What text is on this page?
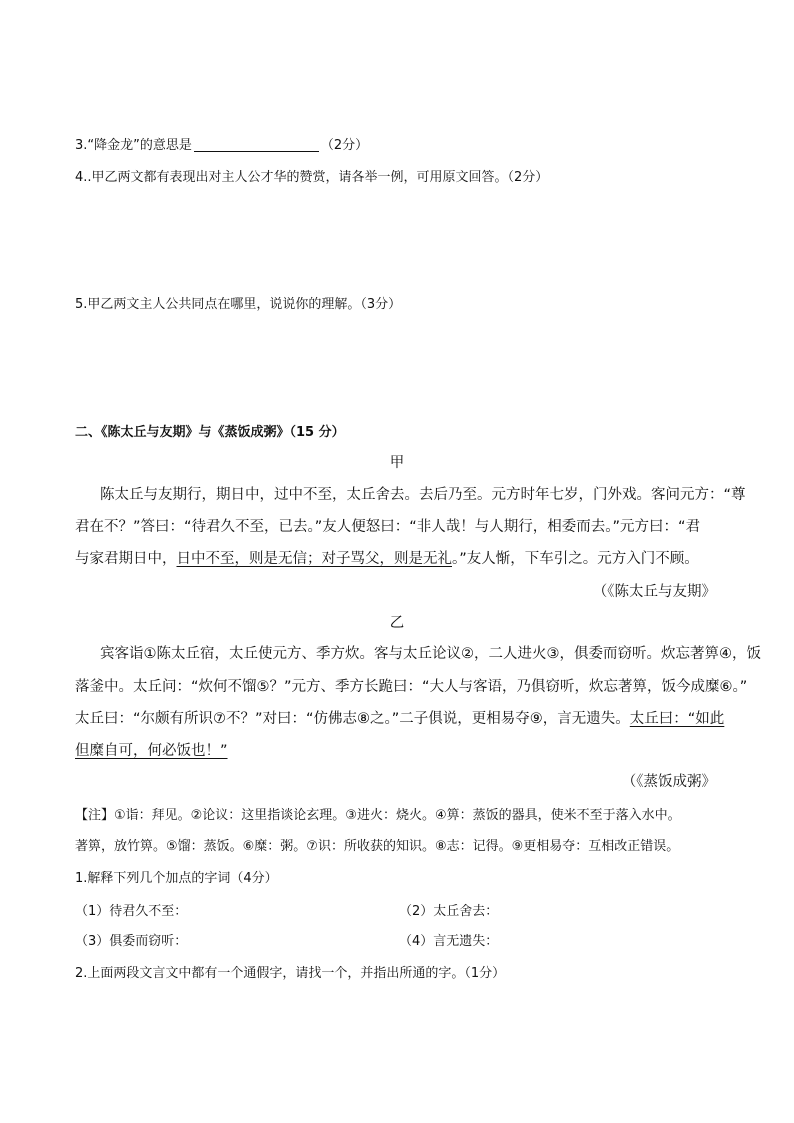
3.“降金龙”的意思是	（2分）
4..甲乙两文都有表现出对主人公才华的赞赏，请各举一例，可用原文回答。（2分）
5.甲乙两文主人公共同点在哪里，说说你的理解。（3分）
二、《陈太丘与友期》与《蒸饭成粥》（15 分）
甲
陈太丘与友期行，期日中，过中不至，太丘舍去。去后乃至。元方时年七岁，门外戏。客问元方：“尊
君在不？”答曰：“待君久不至，已去。”友人便怒曰：“非人哉！与人期行，相委而去。”元方曰：“君
与家君期日中，日中不至，则是无信；对子骂父，则是无礼。”友人惭，下车引之。元方入门不顾。
（《陈太丘与友期》
乙
宾客诣①陈太丘宿，太丘使元方、季方炊。客与太丘论议②，二人进火③，俱委而窃听。炊忘著箅④，饭
落釜中。太丘问：“炊何不馏⑤？”元方、季方长跪曰：“大人与客语，乃俱窃听，炊忘著箅，饭今成糜⑥。”
太丘曰：“尔颇有所识⑦不？”对曰：“仿佛志⑧之。”二子俱说，更相易夺⑨，言无遗失。太丘曰：“如此
但糜自可，何必饭也！”
（《蒸饭成粥》
【注】①诣：拜见。②论议：这里指谈论玄理。③进火：烧火。④箅：蒸饭的器具，使米不至于落入水中。
著箅，放竹箅。⑤馏：蒸饭。⑥糜：粥。⑦识：所收获的知识。⑧志：记得。⑨更相易夺：互相改正错误。
1.解释下列几个加点的字词（4分）
（1）待君久不至：	（2）太丘舍去：
（3）俱委而窃听：	（4）言无遗失：
2.上面两段文言文中都有一个通假字，请找一个，并指出所通的字。（1分）
